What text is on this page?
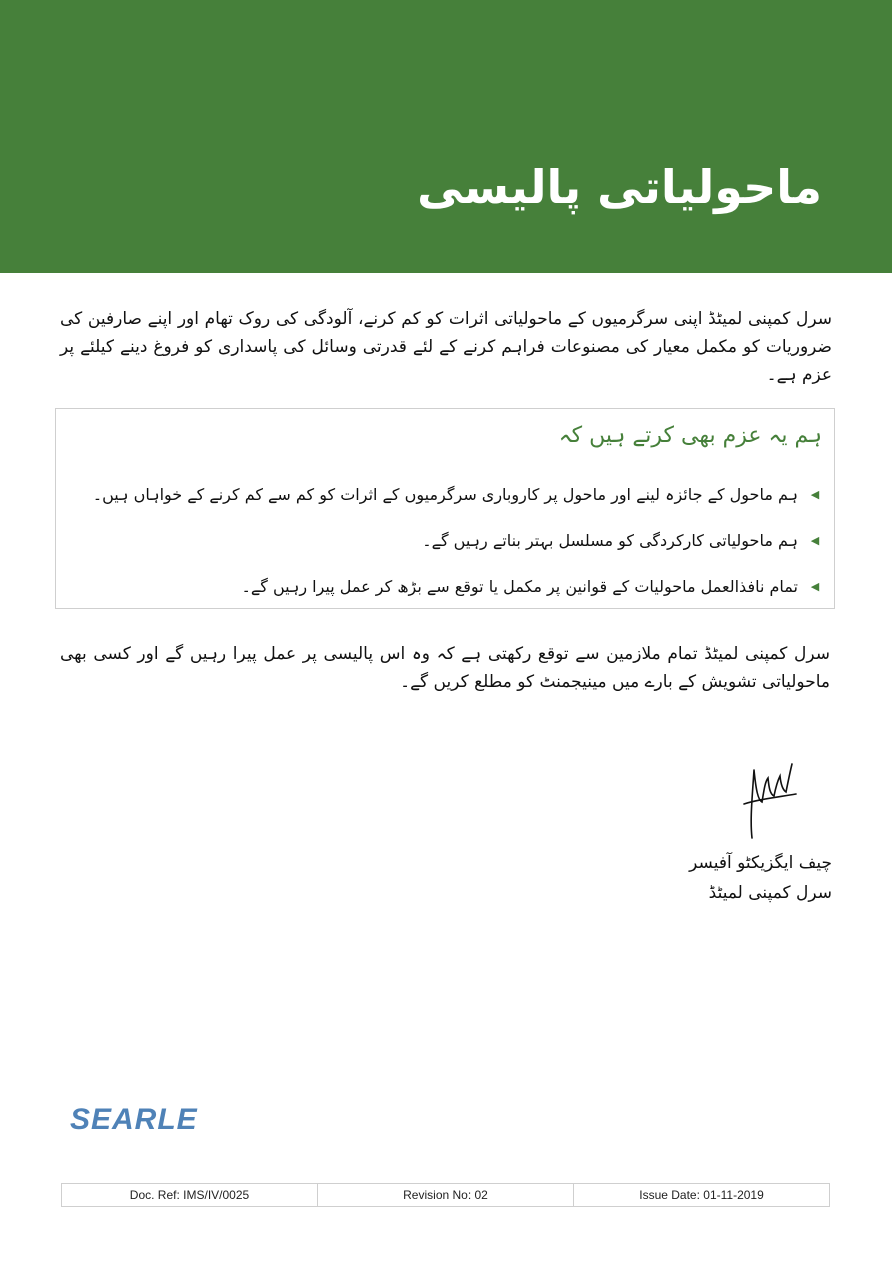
ماحولیاتی پالیسی
سرل کمپنی لمیٹڈ اپنی سرگرمیوں کے ماحولیاتی اثرات کو کم کرنے، آلودگی کی روک تھام اور اپنے صارفین کی ضروریات کو مکمل معیار کی مصنوعات فراہم کرنے کے لئے قدرتی وسائل کی پاسداری کو فروغ دینے کیلئے پر عزم ہے۔
ہم یہ عزم بھی کرتے ہیں کہ
◀
ہم ماحول کے جائزہ لینے اور ماحول پر کاروباری سرگرمیوں کے اثرات کو کم سے کم کرنے کے خواہاں ہیں۔
◀
ہم ماحولیاتی کارکردگی کو مسلسل بہتر بناتے رہیں گے۔
◀
تمام نافذالعمل ماحولیات کے قوانین پر مکمل یا توقع سے بڑھ کر عمل پیرا رہیں گے۔
سرل کمپنی لمیٹڈ تمام ملازمین سے توقع رکھتی ہے کہ وہ اس پالیسی پر عمل پیرا رہیں گے اور کسی بھی ماحولیاتی تشویش کے بارے میں مینیجمنٹ کو مطلع کریں گے۔
چیف ایگزیکٹو آفیسر
سرل کمپنی لمیٹڈ
SEARLE
Doc. Ref: IMS/IV/0025	Revision No: 02	Issue Date: 01-11-2019
